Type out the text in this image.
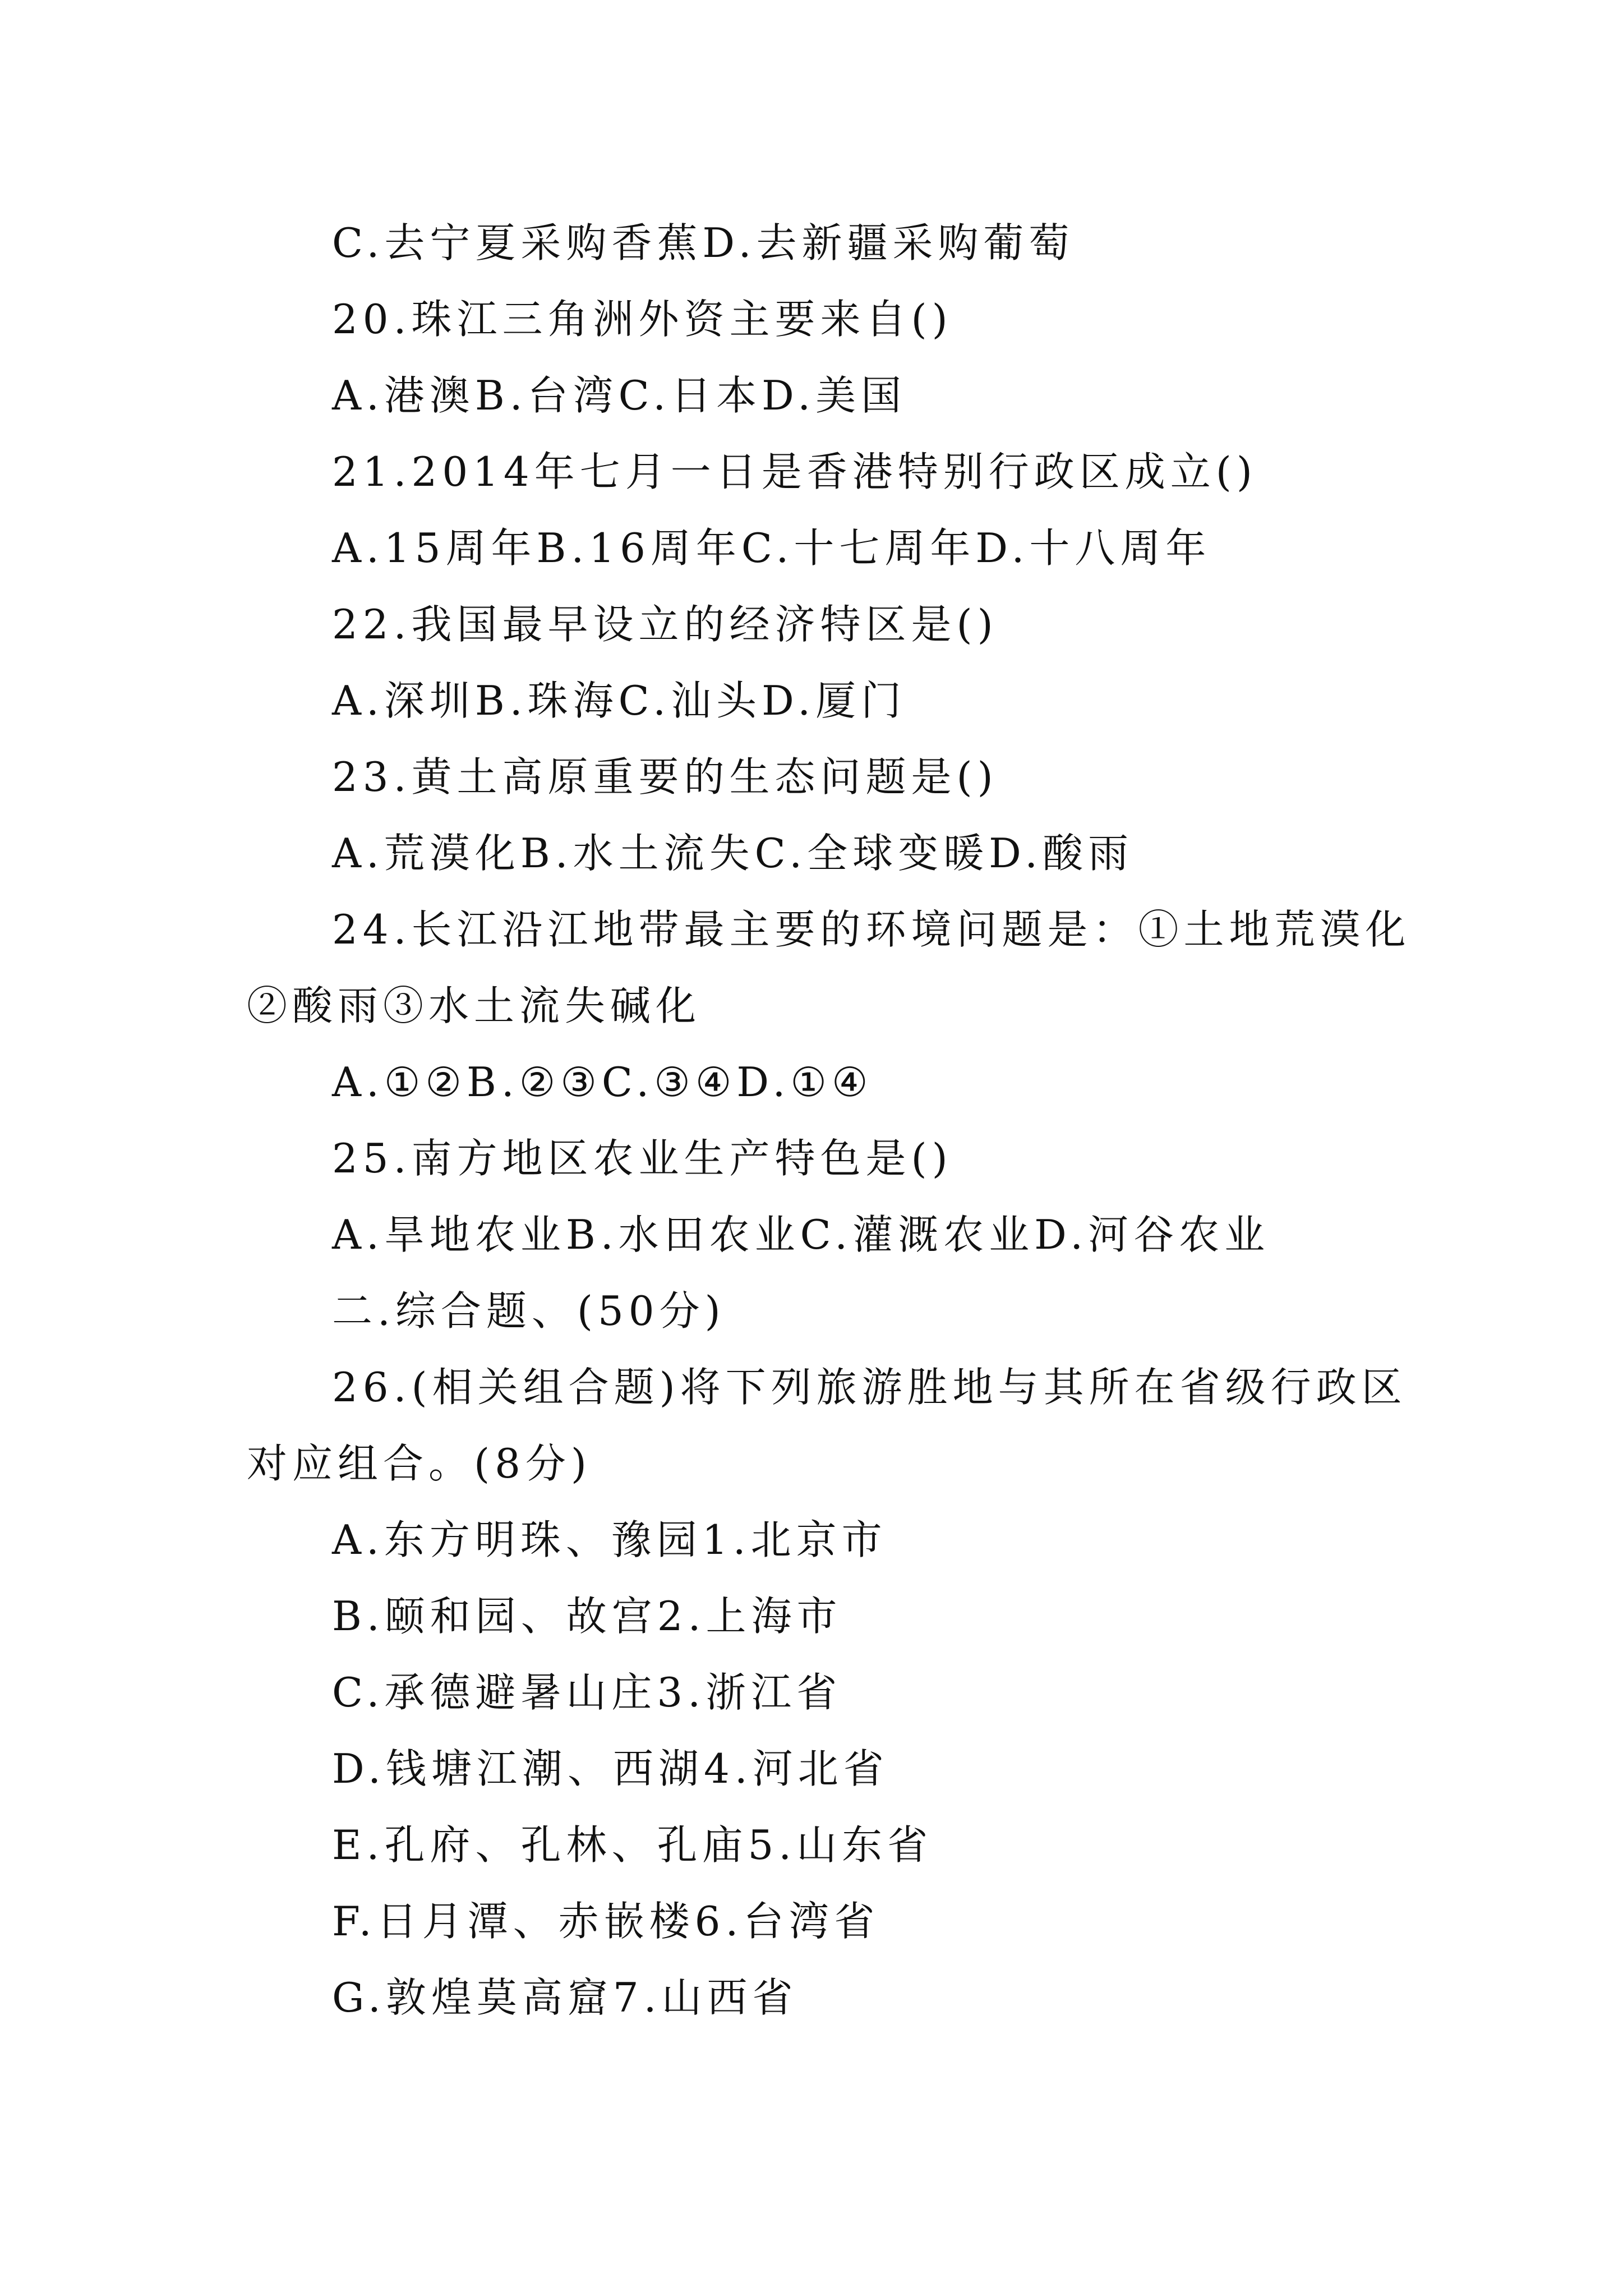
C.去宁夏采购香蕉D.去新疆采购葡萄

20.珠江三角洲外资主要来自()

A.港澳B.台湾C.日本D.美国

21.2014年七月一日是香港特别行政区成立()

A.15周年B.16周年C.十七周年D.十八周年

22.我国最早设立的经济特区是()

A.深圳B.珠海C.汕头D.厦门

23.黄土高原重要的生态问题是()

A.荒漠化B.水土流失C.全球变暖D.酸雨

24.长江沿江地带最主要的环境问题是：①土地荒漠化

②酸雨③水土流失碱化

A.①②B.②③C.③④D.①④

25.南方地区农业生产特色是()

A.旱地农业B.水田农业C.灌溉农业D.河谷农业

二.综合题、(50分)

26.(相关组合题)将下列旅游胜地与其所在省级行政区

对应组合。(8分)

A.东方明珠、豫园1.北京市

B.颐和园、故宫2.上海市

C.承德避暑山庄3.浙江省

D.钱塘江潮、西湖4.河北省

E.孔府、孔林、孔庙5.山东省

F.日月潭、赤嵌楼6.台湾省

G.敦煌莫高窟7.山西省
